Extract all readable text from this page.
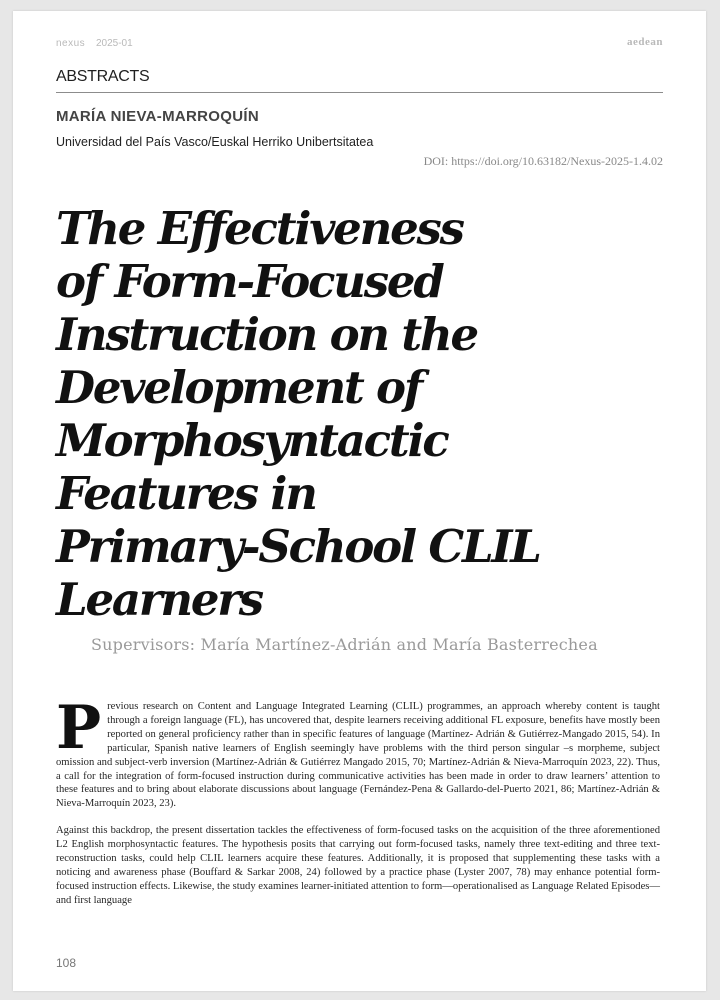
nexus 2025-01	aedean
ABSTRACTS
MARÍA NIEVA-MARROQUÍN
Universidad del País Vasco/Euskal Herriko Unibertsitatea
DOI: https://doi.org/10.63182/Nexus-2025-1.4.02
The Effectiveness
of Form-Focused
Instruction on the
Development of
Morphosyntactic
Features in
Primary-School CLIL
Learners
Supervisors: María Martínez-Adrián and María Basterrechea

Previous research on Content and Language Integrated Learning (CLIL) programmes, an approach whereby content is taught through a foreign language (FL), has uncovered that, despite learners receiving additional FL exposure, benefits have mostly been reported on general proficiency rather than in specific features of language (Martínez- Adrián & Gutiérrez-Mangado 2015, 54). In particular, Spanish native learners of English seemingly have problems with the third person singular –s morpheme, subject omission and subject-verb inversion (Martínez-Adrián & Gutiérrez Mangado 2015, 70; Martínez-Adrián & Nieva-Marroquín 2023, 22). Thus, a call for the integration of form-focused instruction during communicative activities has been made in order to draw learners’ attention to these features and to bring about elaborate discussions about language (Fernández-Pena & Gallardo-del-Puerto 2021, 86; Martínez-Adrián & Nieva-Marroquín 2023, 23).

Against this backdrop, the present dissertation tackles the effectiveness of form-focused tasks on the acquisition of the three aforementioned L2 English morphosyntactic features. The hypothesis posits that carrying out form-focused tasks, namely three text-editing and three text-reconstruction tasks, could help CLIL learners acquire these features. Additionally, it is proposed that supplementing these tasks with a noticing and awareness phase (Bouffard & Sarkar 2008, 24) followed by a practice phase (Lyster 2007, 78) may enhance potential form-focused instruction effects. Likewise, the study examines learner-initiated attention to form—operationalised as Language Related Episodes—and first language

108
